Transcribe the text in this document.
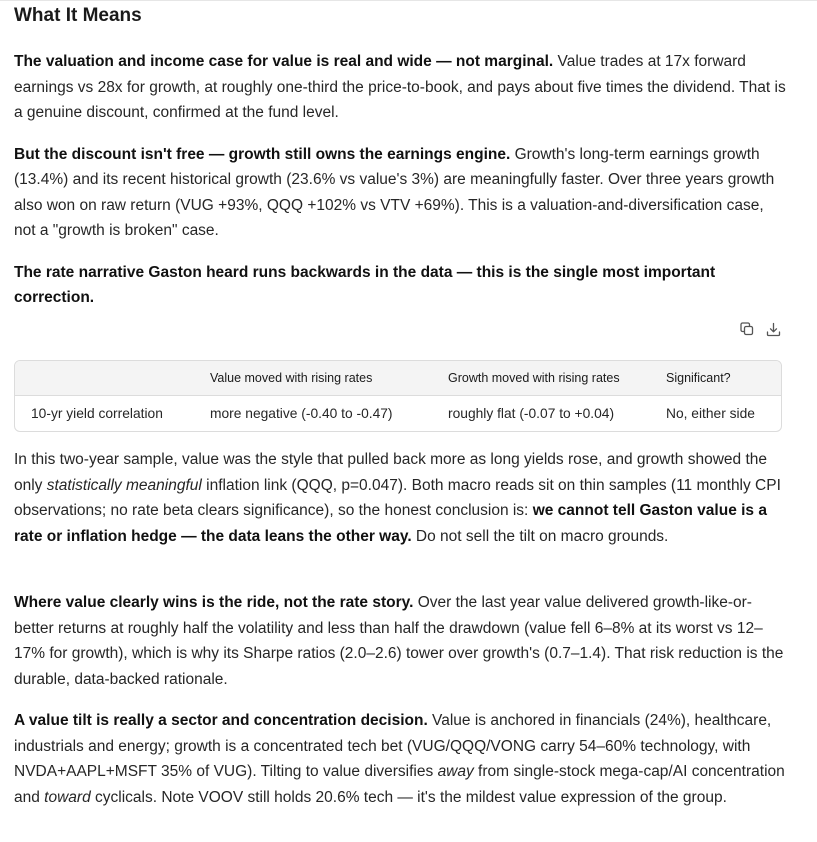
What It Means

The valuation and income case for value is real and wide — not marginal. Value trades at 17x forward earnings vs 28x for growth, at roughly one-third the price-to-book, and pays about five times the dividend. That is a genuine discount, confirmed at the fund level.

But the discount isn't free — growth still owns the earnings engine. Growth's long-term earnings growth (13.4%) and its recent historical growth (23.6% vs value's 3%) are meaningfully faster. Over three years growth also won on raw return (VUG +93%, QQQ +102% vs VTV +69%). This is a valuation-and-diversification case, not a "growth is broken" case.

The rate narrative Gaston heard runs backwards in the data — this is the single most important correction.

	Value moved with rising rates	Growth moved with rising rates	Significant?
10-yr yield correlation	more negative (-0.40 to -0.47)	roughly flat (-0.07 to +0.04)	No, either side

In this two-year sample, value was the style that pulled back more as long yields rose, and growth showed the only statistically meaningful inflation link (QQQ, p=0.047). Both macro reads sit on thin samples (11 monthly CPI observations; no rate beta clears significance), so the honest conclusion is: we cannot tell Gaston value is a rate or inflation hedge — the data leans the other way. Do not sell the tilt on macro grounds.

Where value clearly wins is the ride, not the rate story. Over the last year value delivered growth-like-or-better returns at roughly half the volatility and less than half the drawdown (value fell 6–8% at its worst vs 12–17% for growth), which is why its Sharpe ratios (2.0–2.6) tower over growth's (0.7–1.4). That risk reduction is the durable, data-backed rationale.

A value tilt is really a sector and concentration decision. Value is anchored in financials (24%), healthcare, industrials and energy; growth is a concentrated tech bet (VUG/QQQ/VONG carry 54–60% technology, with NVDA+AAPL+MSFT 35% of VUG). Tilting to value diversifies away from single-stock mega-cap/AI concentration and toward cyclicals. Note VOOV still holds 20.6% tech — it's the mildest value expression of the group.
